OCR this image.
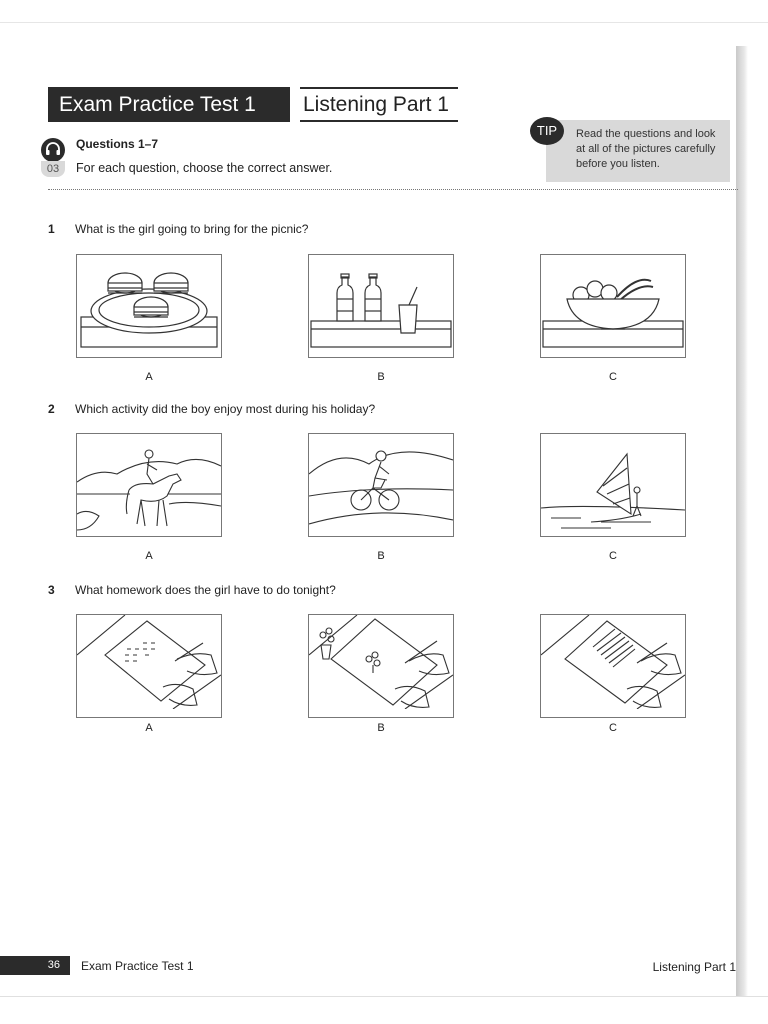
Exam Practice Test 1	Listening Part 1
03
Questions 1–7
For each question, choose the correct answer.
TIP	Read the questions and look at all of the pictures carefully before you listen.
1 What is the girl going to bring for the picnic?
A	B	C
2 Which activity did the boy enjoy most during his holiday?
A	B	C
3 What homework does the girl have to do tonight?
A	B	C
36	Exam Practice Test 1	Listening Part 1
